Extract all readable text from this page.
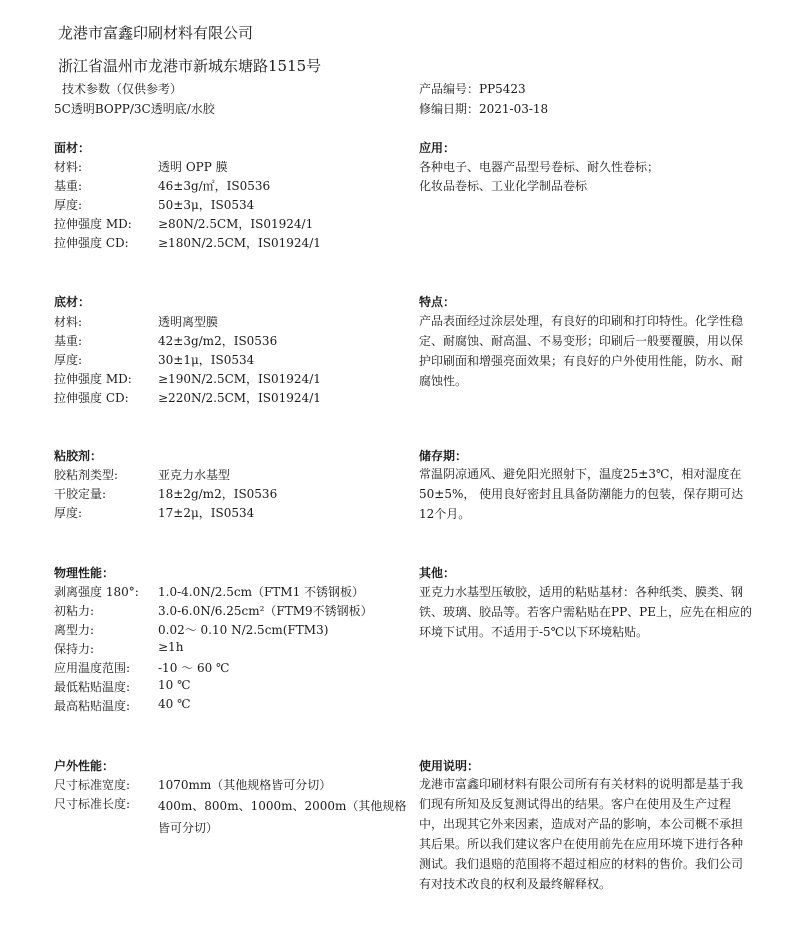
龙港市富鑫印刷材料有限公司
浙江省温州市龙港市新城东塘路1515号
技术参数（仅供参考）
5C透明BOPP/3C透明底/水胶
产品编号：PP5423
修编日期：2021-03-18
面材：
材料:	透明 OPP 膜
基重:	46±3g/㎡，IS0536
厚度:	50±3μ，IS0534
拉伸强度 MD: ≥80N/2.5CM，IS01924/1
拉伸强度 CD: ≥180N/2.5CM，IS01924/1
应用：
各种电子、电器产品型号卷标、耐久性卷标；
化妆品卷标、工业化学制品卷标
底材：
材料:	透明离型膜
基重:	42±3g/m2，IS0536
厚度:	30±1μ，IS0534
拉伸强度 MD: ≥190N/2.5CM，IS01924/1
拉伸强度 CD: ≥220N/2.5CM，IS01924/1
特点：
产品表面经过涂层处理，有良好的印刷和打印特性。化学性稳定、耐腐蚀、耐高温、不易变形；印刷后一般要覆膜，用以保护印刷面和增强亮面效果；有良好的户外使用性能，防水、耐腐蚀性。
粘胶剂：
胶粘剂类型:	亚克力水基型
干胶定量:	18±2g/m2，IS0536
厚度:	17±2μ，IS0534
储存期：
常温阴凉通风、避免阳光照射下，温度25±3℃，相对湿度在50±5%， 使用良好密封且具备防潮能力的包装，保存期可达12个月。
物理性能：
剥离强度 180°: 1.0-4.0N/2.5cm（FTM1 不锈钢板）
初粘力:	3.0-6.0N/6.25cm²（FTM9不锈钢板）
离型力:	0.02～ 0.10 N/2.5cm(FTM3)
保持力:	≥1h
应用温度范围: -10 ～ 60 ℃
最低粘贴温度: 10 ℃
最高粘贴温度: 40 ℃
其他：
亚克力水基型压敏胶，适用的粘贴基材：各种纸类、膜类、钢铁、玻璃、胶品等。若客户需粘贴在PP、PE上，应先在相应的环境下试用。不适用于-5℃以下环境粘贴。
户外性能：
尺寸标准宽度: 1070mm（其他规格皆可分切）
尺寸标准长度: 400m、800m、1000m、2000m（其他规格皆可分切）
使用说明：
龙港市富鑫印刷材料有限公司所有有关材料的说明都是基于我们现有所知及反复测试得出的结果。客户在使用及生产过程中，出现其它外来因素，造成对产品的影响，本公司概不承担其后果。所以我们建议客户在使用前先在应用环境下进行各种测试。我们退赔的范围将不超过相应的材料的售价。我们公司有对技术改良的权利及最终解释权。
